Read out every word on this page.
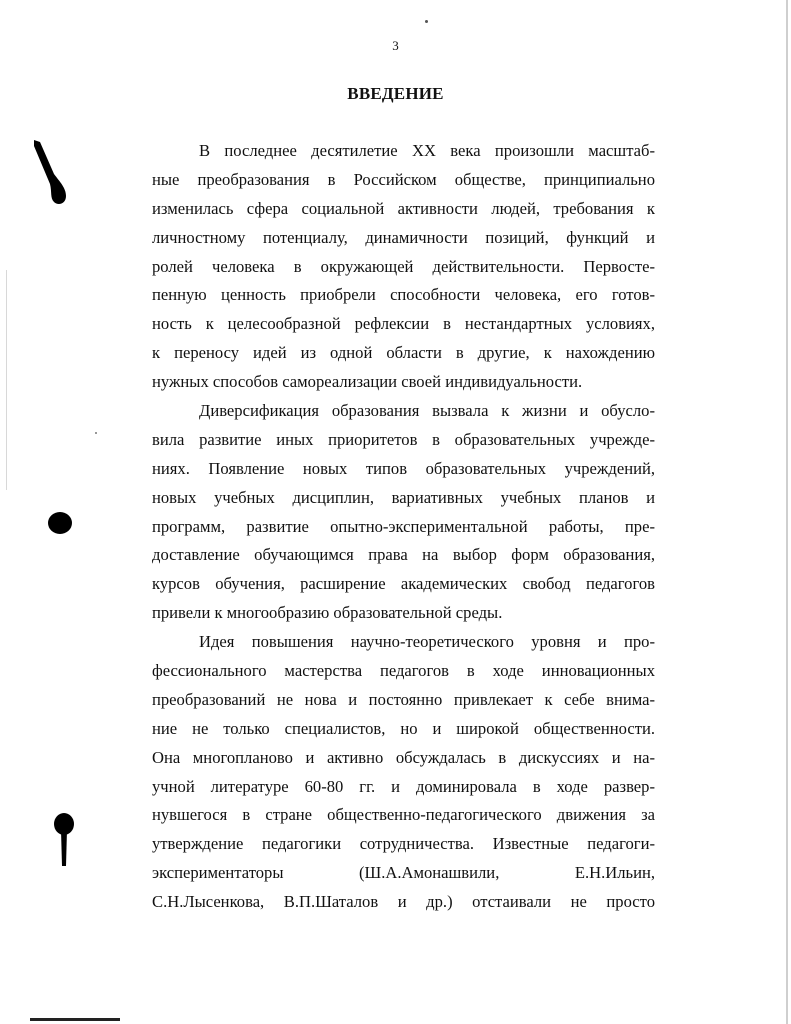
3
ВВЕДЕНИЕ
В последнее десятилетие XX века произошли масштаб-
ные преобразования в Российском обществе, принципиально
изменилась сфера социальной активности людей, требования к
личностному потенциалу, динамичности позиций, функций и
ролей человека в окружающей действительности. Первосте-
пенную ценность приобрели способности человека, его готов-
ность к целесообразной рефлексии в нестандартных условиях,
к переносу идей из одной области в другие, к нахождению
нужных способов самореализации своей индивидуальности.
Диверсификация образования вызвала к жизни и обусло-
вила развитие иных приоритетов в образовательных учрежде-
ниях. Появление новых типов образовательных учреждений,
новых учебных дисциплин, вариативных учебных планов и
программ, развитие опытно-экспериментальной работы, пре-
доставление обучающимся права на выбор форм образования,
курсов обучения, расширение академических свобод педагогов
привели к многообразию образовательной среды.
Идея повышения научно-теоретического уровня и про-
фессионального мастерства педагогов в ходе инновационных
преобразований не нова и постоянно привлекает к себе внима-
ние не только специалистов, но и широкой общественности.
Она многопланово и активно обсуждалась в дискуссиях и на-
учной литературе 60-80 гг. и доминировала в ходе развер-
нувшегося в стране общественно-педагогического движения за
утверждение педагогики сотрудничества. Известные педагоги-
экспериментаторы (Ш.А.Амонашвили, Е.Н.Ильин,
С.Н.Лысенкова, В.П.Шаталов и др.) отстаивали не просто
